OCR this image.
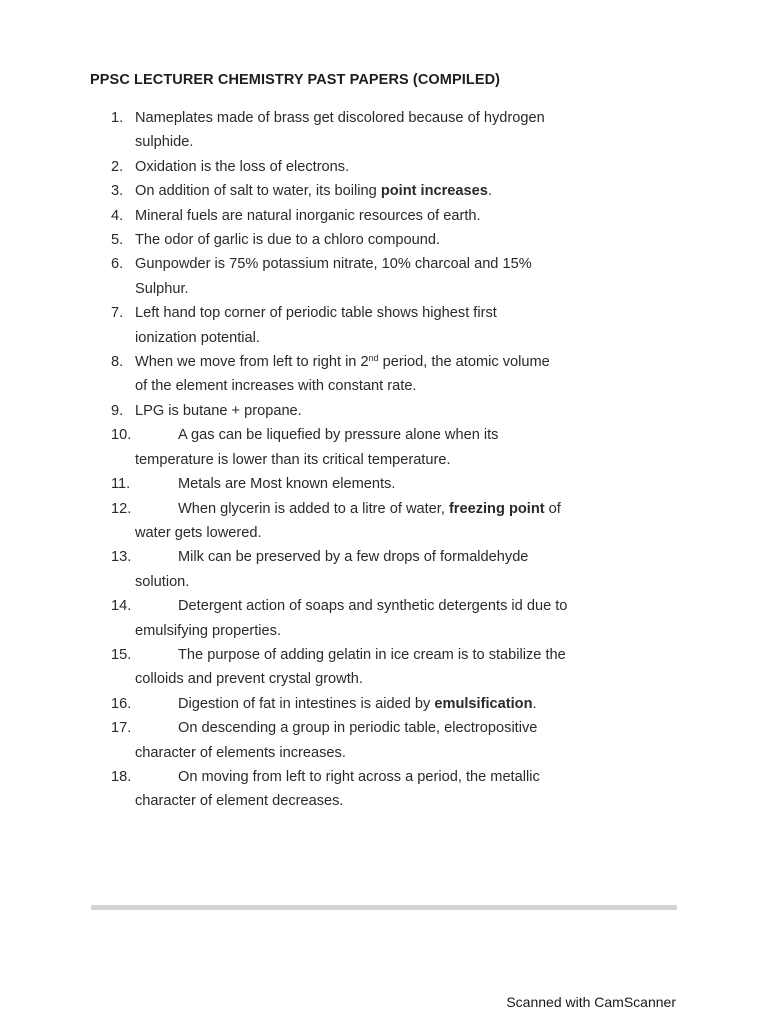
PPSC LECTURER CHEMISTRY PAST PAPERS (COMPILED)
1. Nameplates made of brass get discolored because of hydrogen
sulphide.
2. Oxidation is the loss of electrons.
3. On addition of salt to water, its boiling point increases.
4. Mineral fuels are natural inorganic resources of earth.
5. The odor of garlic is due to a chloro compound.
6. Gunpowder is 75% potassium nitrate, 10% charcoal and 15%
Sulphur.
7. Left hand top corner of periodic table shows highest first
ionization potential.
8. When we move from left to right in 2nd period, the atomic volume
of the element increases with constant rate.
9. LPG is butane + propane.
10.	A gas can be liquefied by pressure alone when its
temperature is lower than its critical temperature.
11.	Metals are Most known elements.
12.	When glycerin is added to a litre of water, freezing point of
water gets lowered.
13.	Milk can be preserved by a few drops of formaldehyde
solution.
14.	Detergent action of soaps and synthetic detergents id due to
emulsifying properties.
15.	The purpose of adding gelatin in ice cream is to stabilize the
colloids and prevent crystal growth.
16.	Digestion of fat in intestines is aided by emulsification.
17.	On descending a group in periodic table, electropositive
character of elements increases.
18.	On moving from left to right across a period, the metallic
character of element decreases.
Scanned with CamScanner
